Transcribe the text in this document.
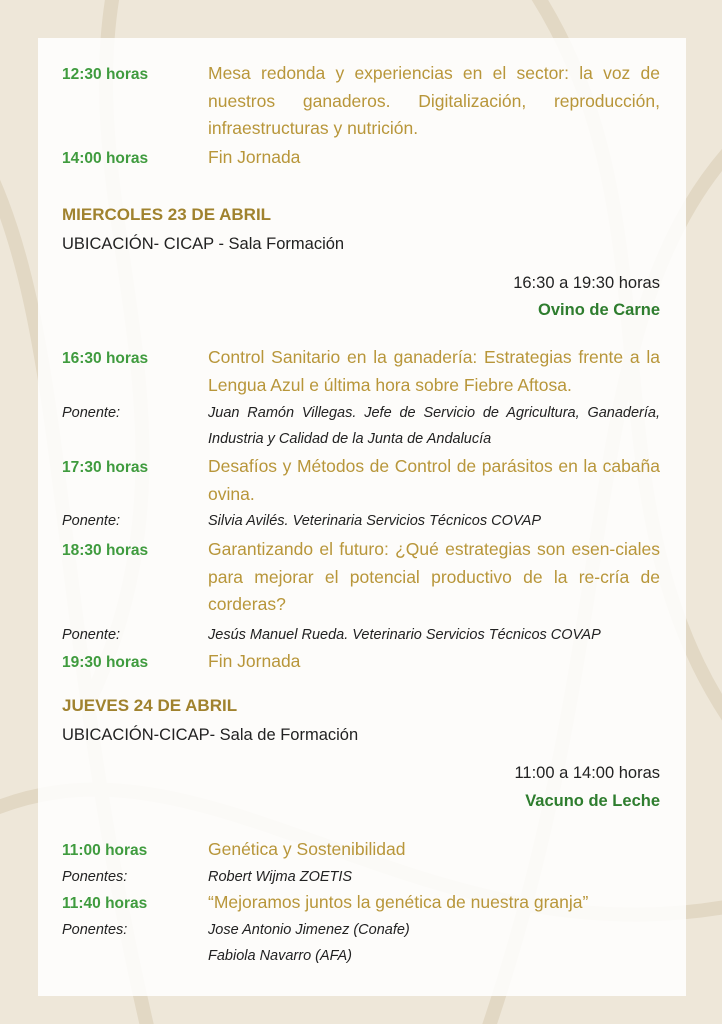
12:30 horas	Mesa redonda y experiencias en el sector: la voz de nuestros ganaderos. Digitalización, reproducción, infraestructuras y nutrición.
14:00 horas	Fin Jornada
MIERCOLES 23 DE ABRIL
UBICACIÓN- CICAP - Sala Formación
16:30 a 19:30 horas
Ovino de Carne
16:30 horas	Control Sanitario en la ganadería: Estrategias frente a la Lengua Azul e última hora sobre Fiebre Aftosa.
Ponente:	Juan Ramón Villegas. Jefe de Servicio de Agricultura, Ganadería, Industria y Calidad de la Junta de Andalucía
17:30 horas	Desafíos y Métodos de Control de parásitos en la cabaña ovina.
Ponente:	Silvia Avilés. Veterinaria Servicios Técnicos COVAP
18:30 horas	Garantizando el futuro: ¿Qué estrategias son esen-ciales para mejorar el potencial productivo de la re-cría de corderas?
Ponente:	Jesús Manuel Rueda. Veterinario Servicios Técnicos COVAP
19:30 horas	Fin Jornada
JUEVES 24 DE ABRIL
UBICACIÓN-CICAP- Sala de Formación
11:00 a 14:00 horas
Vacuno de Leche
11:00 horas	Genética y Sostenibilidad
Ponentes:	Robert Wijma ZOETIS
11:40 horas	“Mejoramos juntos la genética de nuestra granja”
Ponentes:	Jose Antonio Jimenez (Conafe)
Fabiola Navarro (AFA)
